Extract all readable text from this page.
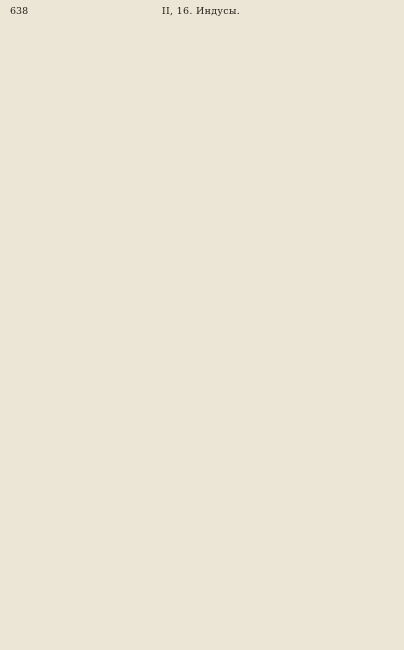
638	II, 16. Индусы.
